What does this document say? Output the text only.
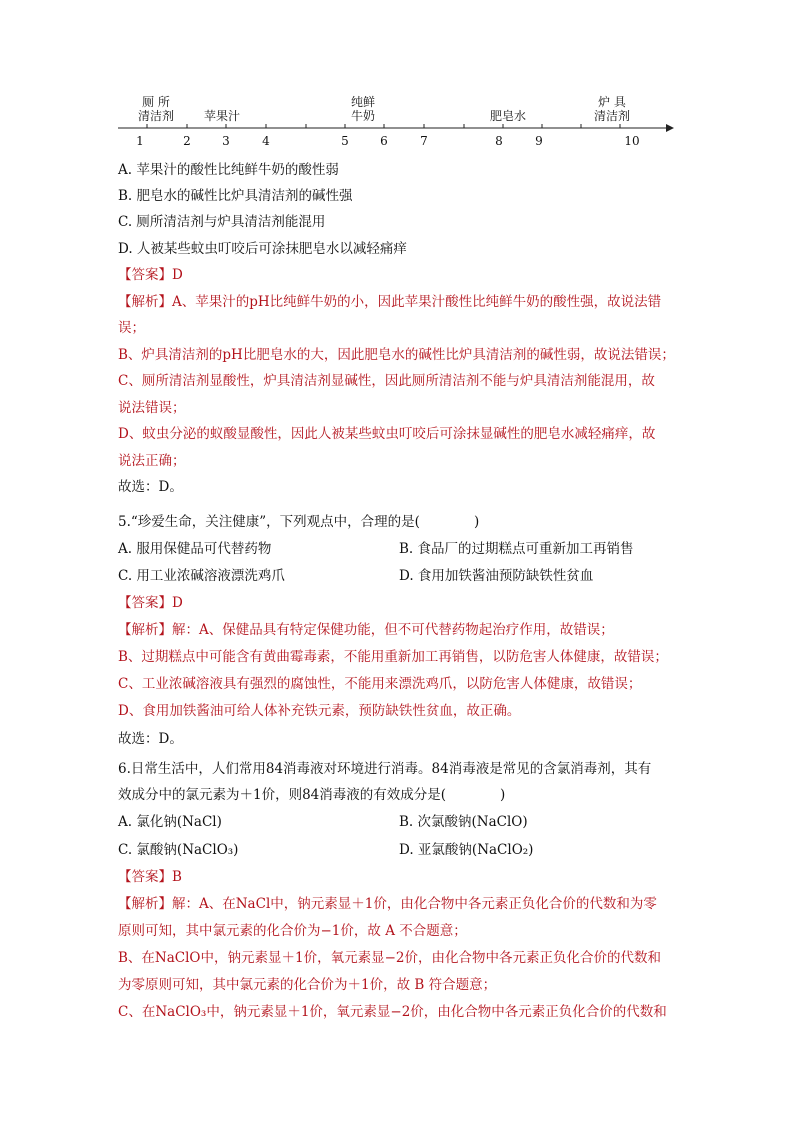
厕 所
清洁剂 苹果汁
纯鲜
牛奶	肥皂水
炉 具
清洁剂
1	2	3	4	5	6	7	8	9	10
A. 苹果汁的酸性比纯鲜牛奶的酸性弱
B. 肥皂水的碱性比炉具清洁剂的碱性强
C. 厕所清洁剂与炉具清洁剂能混用
D. 人被某些蚊虫叮咬后可涂抹肥皂水以减轻痛痒
【答案】D
【解析】A、苹果汁的pH比纯鲜牛奶的小，因此苹果汁酸性比纯鲜牛奶的酸性强，故说法错
误；
B、炉具清洁剂的pH比肥皂水的大，因此肥皂水的碱性比炉具清洁剂的碱性弱，故说法错误；
C、厕所清洁剂显酸性，炉具清洁剂显碱性，因此厕所清洁剂不能与炉具清洁剂能混用，故
说法错误；
D、蚊虫分泌的蚁酸显酸性，因此人被某些蚊虫叮咬后可涂抹显碱性的肥皂水减轻痛痒，故
说法正确；
故选：D。
5.“珍爱生命，关注健康”，下列观点中，合理的是(　　　　)
A. 服用保健品可代替药物	B. 食品厂的过期糕点可重新加工再销售
C. 用工业浓碱溶液漂洗鸡爪	D. 食用加铁酱油预防缺铁性贫血
【答案】D
【解析】解：A、保健品具有特定保健功能，但不可代替药物起治疗作用，故错误；
B、过期糕点中可能含有黄曲霉毒素，不能用重新加工再销售，以防危害人体健康，故错误；
C、工业浓碱溶液具有强烈的腐蚀性，不能用来漂洗鸡爪，以防危害人体健康，故错误；
D、食用加铁酱油可给人体补充铁元素，预防缺铁性贫血，故正确。
故选：D。
6.日常生活中，人们常用84消毒液对环境进行消毒。84消毒液是常见的含氯消毒剂，其有
效成分中的氯元素为＋1价，则84消毒液的有效成分是(　　　　)
A. 氯化钠(NaCl)	B. 次氯酸钠(NaClO)
C. 氯酸钠(NaClO₃)	D. 亚氯酸钠(NaClO₂)
【答案】B
【解析】解：A、在NaCl中，钠元素显＋1价，由化合物中各元素正负化合价的代数和为零
原则可知，其中氯元素的化合价为−1价，故 A 不合题意；
B、在NaClO中，钠元素显＋1价，氧元素显−2价，由化合物中各元素正负化合价的代数和
为零原则可知，其中氯元素的化合价为＋1价，故 B 符合题意；
C、在NaClO₃中，钠元素显＋1价，氧元素显−2价，由化合物中各元素正负化合价的代数和
